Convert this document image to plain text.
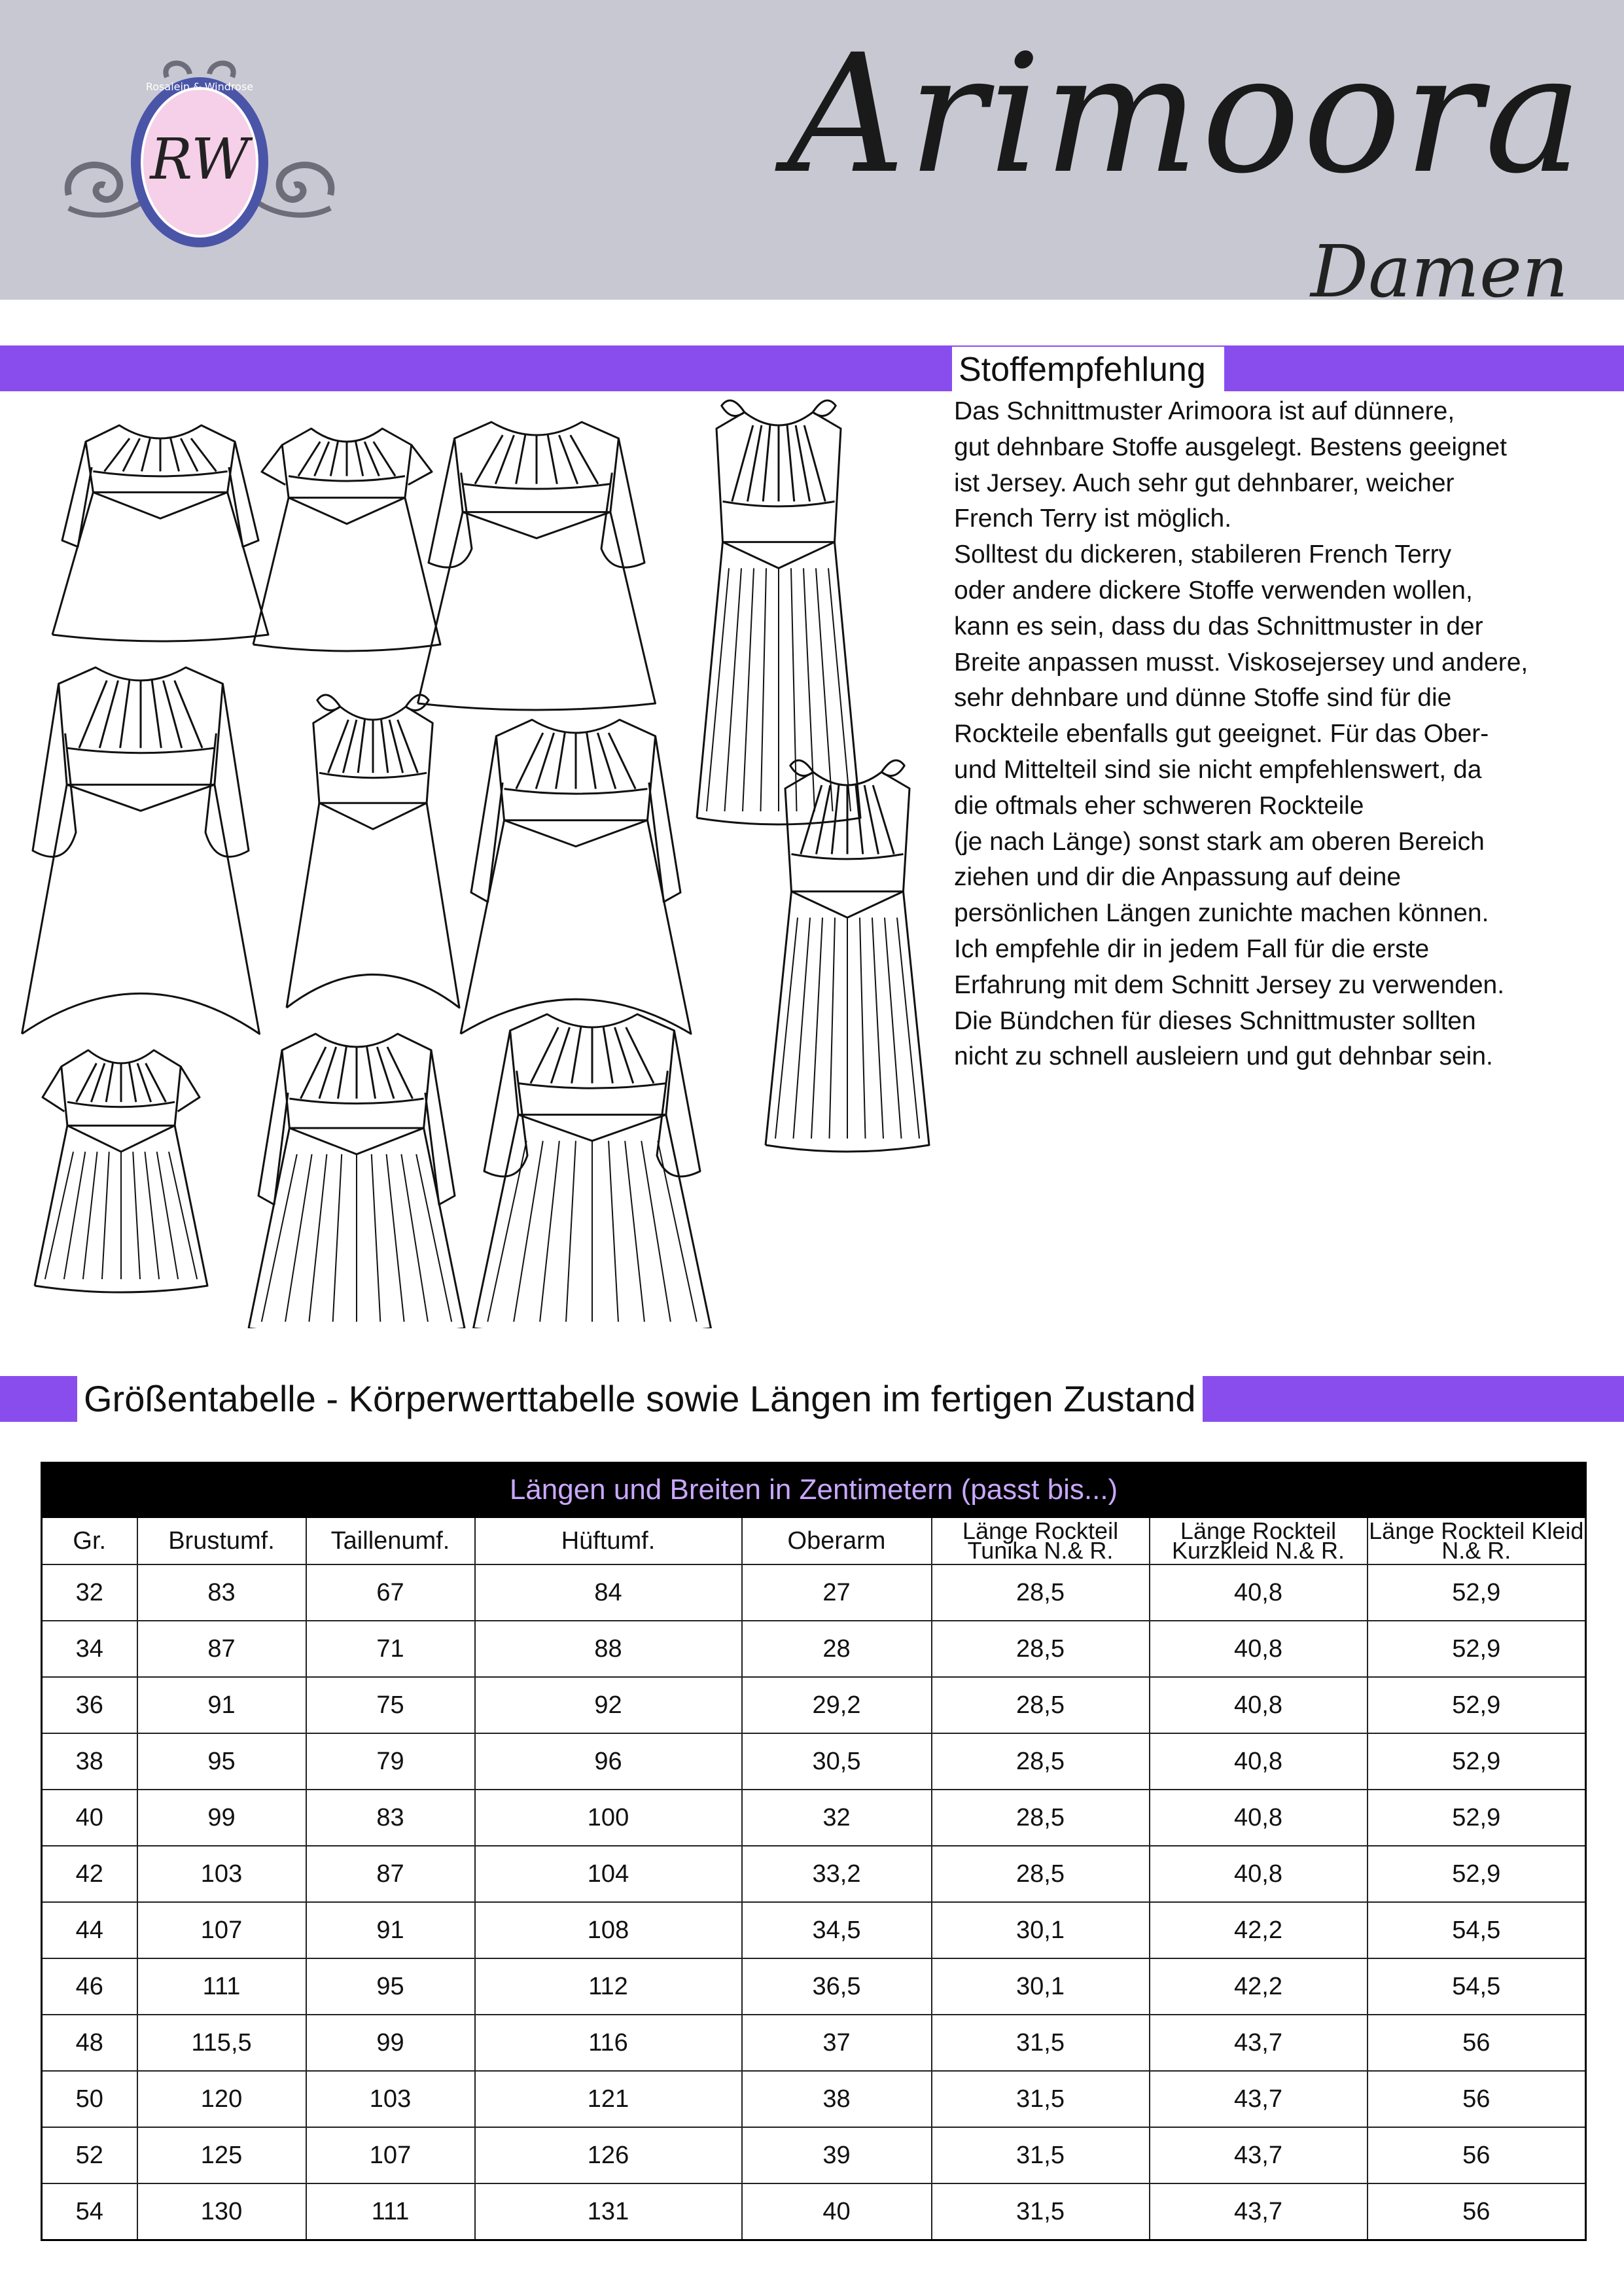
RW
Rosalein & Windrose	Arimoora
Damen
Stoffempfehlung

Das Schnittmuster Arimoora ist auf dünnere,

gut dehnbare Stoffe ausgelegt. Bestens geeignet

ist Jersey. Auch sehr gut dehnbarer, weicher

French Terry ist möglich.

Solltest du dickeren, stabileren French Terry

oder andere dickere Stoffe verwenden wollen,

kann es sein, dass du das Schnittmuster in der

Breite anpassen musst. Viskosejersey und andere,

sehr dehnbare und dünne Stoffe sind für die

Rockteile ebenfalls gut geeignet. Für das Ober-

und Mittelteil sind sie nicht empfehlenswert, da

die oftmals eher schweren Rockteile

(je nach Länge) sonst stark am oberen Bereich

ziehen und dir die Anpassung auf deine

persönlichen Längen zunichte machen können.

Ich empfehle dir in jedem Fall für die erste

Erfahrung mit dem Schnitt Jersey zu verwenden.

Die Bündchen für dieses Schnittmuster sollten

nicht zu schnell ausleiern und gut dehnbar sein.

Größentabelle - Körperwerttabelle sowie Längen im fertigen Zustand
Längen und Breiten in Zentimetern (passt bis...)							
Gr.	Brustumf.	Taillenumf.	Hüftumf.	Oberarm	Länge Rockteil Tunika N.& R.	Länge Rockteil Kurzkleid N.& R.	Länge Rockteil Kleid N.& R.
32	83	67	84	27	28,5	40,8	52,9
34	87	71	88	28	28,5	40,8	52,9
36	91	75	92	29,2	28,5	40,8	52,9
38	95	79	96	30,5	28,5	40,8	52,9
40	99	83	100	32	28,5	40,8	52,9
42	103	87	104	33,2	28,5	40,8	52,9
44	107	91	108	34,5	30,1	42,2	54,5
46	111	95	112	36,5	30,1	42,2	54,5
48	115,5	99	116	37	31,5	43,7	56
50	120	103	121	38	31,5	43,7	56
52	125	107	126	39	31,5	43,7	56
54	130	111	131	40	31,5	43,7	56
